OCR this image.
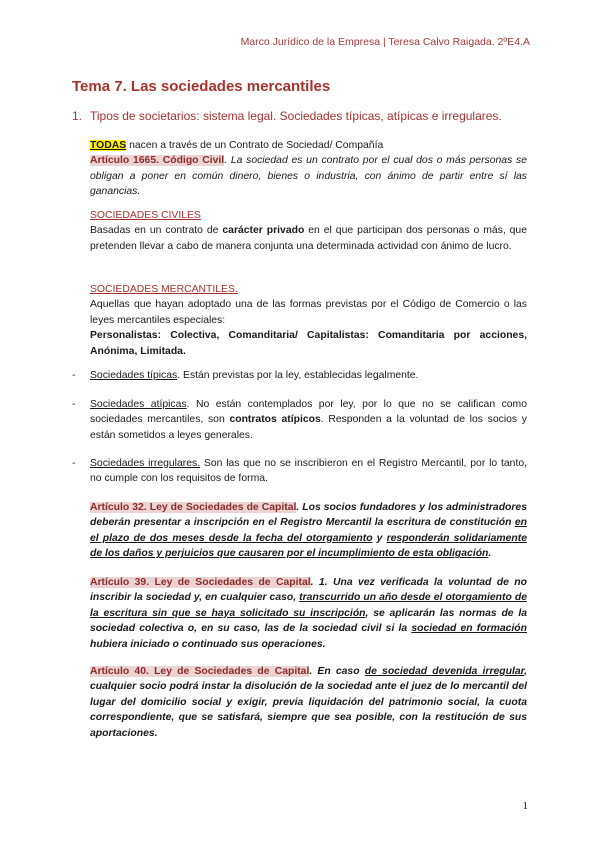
Marco Jurídico de la Empresa | Teresa Calvo Raigada. 2ºE4.A
Tema 7. Las sociedades mercantiles
1. Tipos de societarios: sistema legal. Sociedades típicas, atípicas e irregulares.

TODAS nacen a través de un Contrato de Sociedad/ Compañía

Artículo 1665. Código Civil. La sociedad es un contrato por el cual dos o más personas se obligan a poner en común dinero, bienes o industria, con ánimo de partir entre sí las ganancias.

SOCIEDADES CIVILES

Basadas en un contrato de carácter privado en el que participan dos personas o más, que pretenden llevar a cabo de manera conjunta una determinada actividad con ánimo de lucro.

SOCIEDADES MERCANTILES.

Aquellas que hayan adoptado una de las formas previstas por el Código de Comercio o las leyes mercantiles especiales:

Personalistas: Colectiva, Comanditaria/ Capitalistas: Comanditaria por acciones, Anónima, Limitada.

- Sociedades típicas. Están previstas por la ley, establecidas legalmente.

- Sociedades atípicas. No están contemplados por ley, por lo que no se califican como sociedades mercantiles, son contratos atípicos. Responden a la voluntad de los socios y están sometidos a leyes generales.

- Sociedades irregulares. Son las que no se inscribieron en el Registro Mercantil, por lo tanto, no cumple con los requisitos de forma.

Artículo 32. Ley de Sociedades de Capital. Los socios fundadores y los administradores deberán presentar a inscripción en el Registro Mercantil la escritura de constitución en el plazo de dos meses desde la fecha del otorgamiento y responderán solidariamente de los daños y perjuicios que causaren por el incumplimiento de esta obligación.

Artículo 39. Ley de Sociedades de Capital. 1. Una vez verificada la voluntad de no inscribir la sociedad y, en cualquier caso, transcurrido un año desde el otorgamiento de la escritura sin que se haya solicitado su inscripción, se aplicarán las normas de la sociedad colectiva o, en su caso, las de la sociedad civil si la sociedad en formación hubiera iniciado o continuado sus operaciones.

Artículo 40. Ley de Sociedades de Capital. En caso de sociedad devenida irregular, cualquier socio podrá instar la disolución de la sociedad ante el juez de lo mercantil del lugar del domicilio social y exigir, previa liquidación del patrimonio social, la cuota correspondiente, que se satisfará, siempre que sea posible, con la restitución de sus aportaciones.

1
